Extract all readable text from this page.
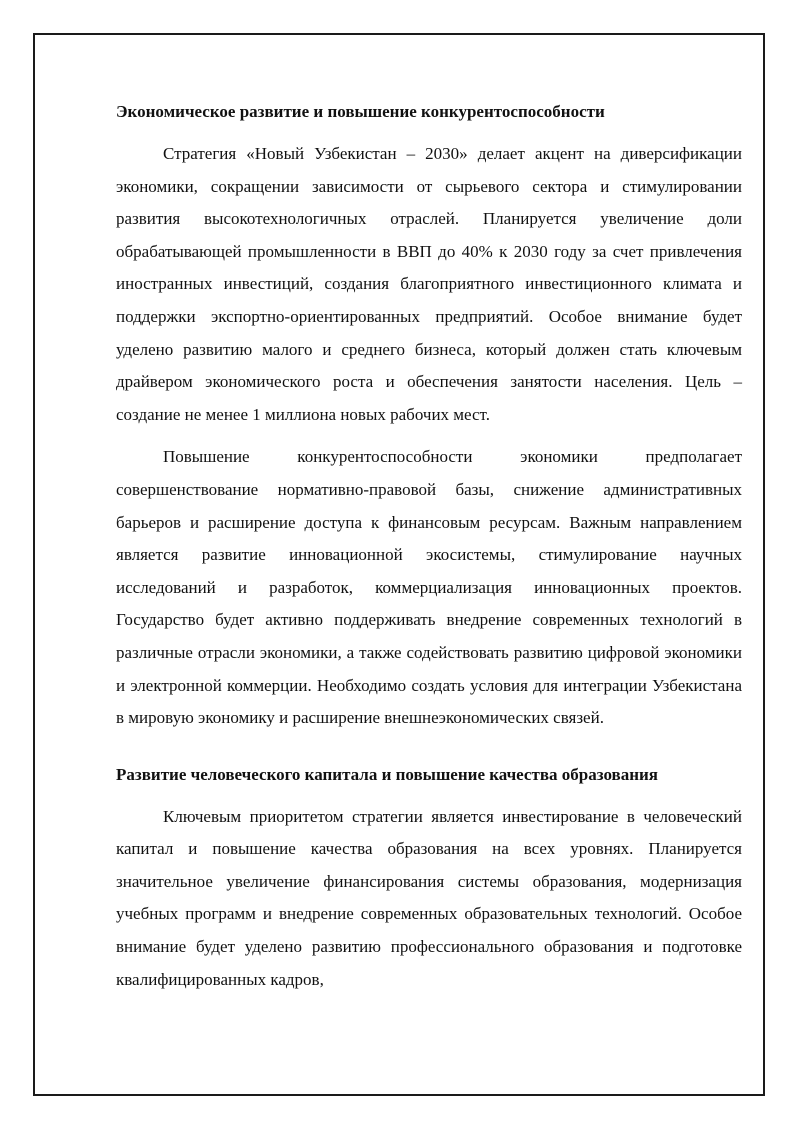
Экономическое развитие и повышение конкурентоспособности

Стратегия «Новый Узбекистан – 2030» делает акцент на диверсификации экономики, сокращении зависимости от сырьевого сектора и стимулировании развития высокотехнологичных отраслей. Планируется увеличение доли обрабатывающей промышленности в ВВП до 40% к 2030 году за счет привлечения иностранных инвестиций, создания благоприятного инвестиционного климата и поддержки экспортно-ориентированных предприятий. Особое внимание будет уделено развитию малого и среднего бизнеса, который должен стать ключевым драйвером экономического роста и обеспечения занятости населения. Цель – создание не менее 1 миллиона новых рабочих мест.

Повышение конкурентоспособности экономики предполагает совершенствование нормативно-правовой базы, снижение административных барьеров и расширение доступа к финансовым ресурсам. Важным направлением является развитие инновационной экосистемы, стимулирование научных исследований и разработок, коммерциализация инновационных проектов. Государство будет активно поддерживать внедрение современных технологий в различные отрасли экономики, а также содействовать развитию цифровой экономики и электронной коммерции. Необходимо создать условия для интеграции Узбекистана в мировую экономику и расширение внешнеэкономических связей.

Развитие человеческого капитала и повышение качества образования

Ключевым приоритетом стратегии является инвестирование в человеческий капитал и повышение качества образования на всех уровнях. Планируется значительное увеличение финансирования системы образования, модернизация учебных программ и внедрение современных образовательных технологий. Особое внимание будет уделено развитию профессионального образования и подготовке квалифицированных кадров,
